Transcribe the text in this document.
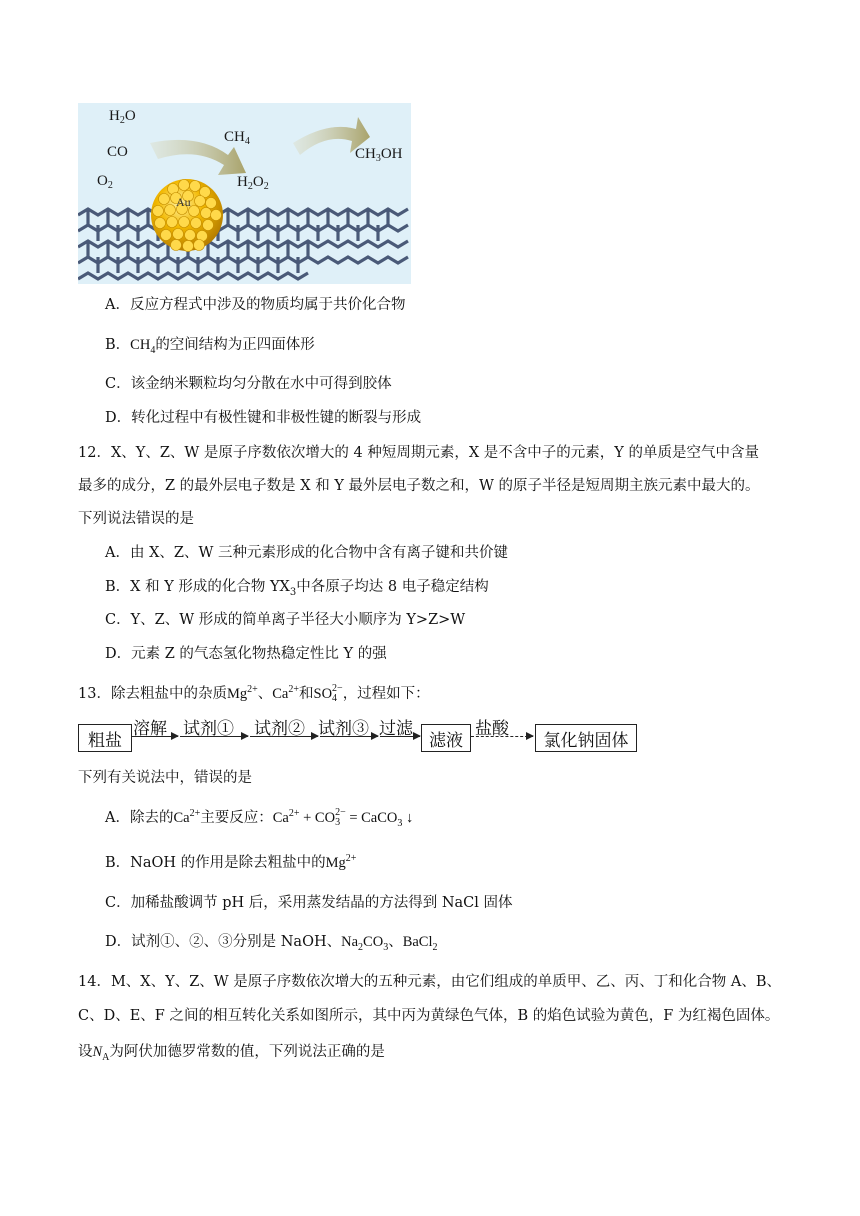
$H_2O$
CO
$O_2$
$CH_4$
$H_2O_2$
$CH_3OH$
Au
A．反应方程式中涉及的物质均属于共价化合物
B．$CH_4$的空间结构为正四面体形
C．该金纳米颗粒均匀分散在水中可得到胶体
D．转化过程中有极性键和非极性键的断裂与形成
12．X、Y、Z、W 是原子序数依次增大的 4 种短周期元素，X 是不含中子的元素，Y 的单质是空气中含量
最多的成分，Z 的最外层电子数是 X 和 Y 最外层电子数之和，W 的原子半径是短周期主族元素中最大的。
下列说法错误的是
A．由 X、Z、W 三种元素形成的化合物中含有离子键和共价键
B．X 和 Y 形成的化合物 $YX_3$中各原子均达 8 电子稳定结构
C．Y、Z、W 形成的简单离子半径大小顺序为 Y>Z>W
D．元素 Z 的气态氢化物热稳定性比 Y 的强
13．除去粗盐中的杂质$Mg^{2+}$、$Ca^{2+}$和SO 2−
4 ，过程如下：
粗盐
溶解 试剂① 试剂② 试剂③ 过滤
滤液
盐酸
氯化钠固体
下列有关说法中，错误的是
A．除去的$Ca^{2+}$主要反应：$Ca^{2+}$ + CO 2−
3 = CaCO$_3$ ↓
B．NaOH 的作用是除去粗盐中的$Mg^{2+}$
C．加稀盐酸调节 pH 后，采用蒸发结晶的方法得到 NaCl 固体
D．试剂①、②、③分别是 NaOH、$Na_2CO_3$、BaCl$_2$
14．M、X、Y、Z、W 是原子序数依次增大的五种元素，由它们组成的单质甲、乙、丙、丁和化合物 A、B、
C、D、E、F 之间的相互转化关系如图所示，其中丙为黄绿色气体，B 的焰色试验为黄色，F 为红褐色固体。
设$N_A$为阿伏加德罗常数的值，下列说法正确的是
